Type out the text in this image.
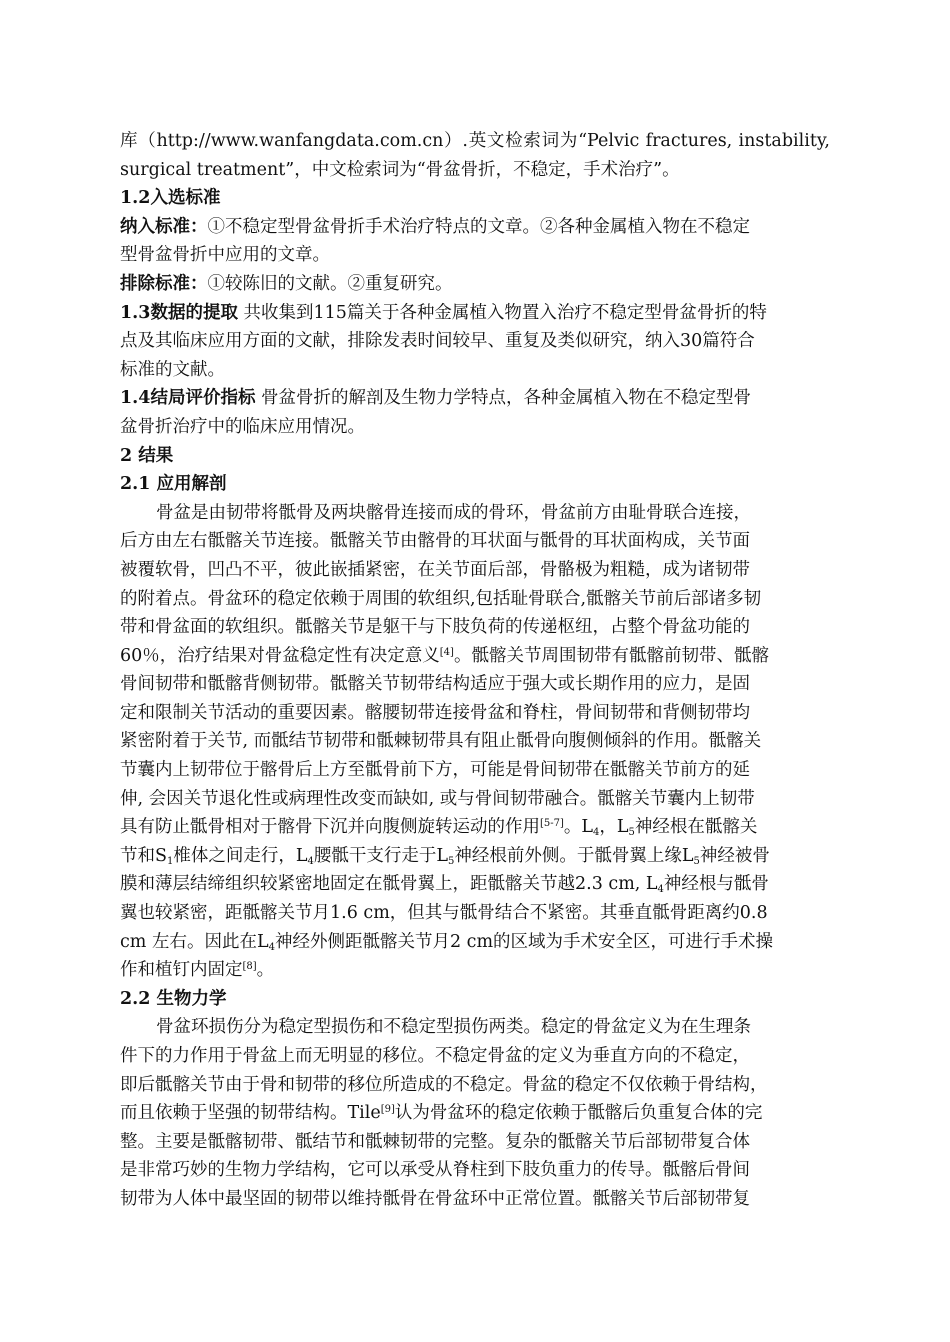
库（http://www.wanfangdata.com.cn）.英文检索词为“Pelvic fractures, instability,
surgical treatment”，中文检索词为“骨盆骨折，不稳定，手术治疗”。
1.2入选标准
纳入标准：①不稳定型骨盆骨折手术治疗特点的文章。②各种金属植入物在不稳定
型骨盆骨折中应用的文章。
排除标准：①较陈旧的文献。②重复研究。
1.3数据的提取 共收集到115篇关于各种金属植入物置入治疗不稳定型骨盆骨折的特
点及其临床应用方面的文献，排除发表时间较早、重复及类似研究，纳入30篇符合
标准的文献。
1.4结局评价指标 骨盆骨折的解剖及生物力学特点，各种金属植入物在不稳定型骨
盆骨折治疗中的临床应用情况。
2 结果
2.1 应用解剖
骨盆是由韧带将骶骨及两块髂骨连接而成的骨环，骨盆前方由耻骨联合连接，
后方由左右骶髂关节连接。骶髂关节由髂骨的耳状面与骶骨的耳状面构成，关节面
被覆软骨，凹凸不平，彼此嵌插紧密，在关节面后部，骨骼极为粗糙，成为诸韧带
的附着点。骨盆环的稳定依赖于周围的软组织,包括耻骨联合,骶髂关节前后部诸多韧
带和骨盆面的软组织。骶髂关节是躯干与下肢负荷的传递枢纽，占整个骨盆功能的
60％，治疗结果对骨盆稳定性有决定意义[4]。骶髂关节周围韧带有骶髂前韧带、骶髂
骨间韧带和骶髂背侧韧带。骶髂关节韧带结构适应于强大或长期作用的应力，是固
定和限制关节活动的重要因素。髂腰韧带连接骨盆和脊柱，骨间韧带和背侧韧带均
紧密附着于关节, 而骶结节韧带和骶棘韧带具有阻止骶骨向腹侧倾斜的作用。骶髂关
节囊内上韧带位于髂骨后上方至骶骨前下方，可能是骨间韧带在骶髂关节前方的延
伸, 会因关节退化性或病理性改变而缺如, 或与骨间韧带融合。骶髂关节囊内上韧带
具有防止骶骨相对于髂骨下沉并向腹侧旋转运动的作用[5-7]。$L_4$，$L_5$神经根在骶髂关
节和$S_1$椎体之间走行，$L_4$腰骶干支行走于$L_5$神经根前外侧。于骶骨翼上缘$L_5$神经被骨
膜和薄层结缔组织较紧密地固定在骶骨翼上，距骶髂关节越2.3 cm, $L_4$神经根与骶骨
翼也较紧密，距骶髂关节月1.6 cm，但其与骶骨结合不紧密。其垂直骶骨距离约0.8
cm 左右。因此在$L_4$神经外侧距骶髂关节月2 cm的区域为手术安全区，可进行手术操
作和植钉内固定[8]。
2.2 生物力学
骨盆环损伤分为稳定型损伤和不稳定型损伤两类。稳定的骨盆定义为在生理条
件下的力作用于骨盆上而无明显的移位。不稳定骨盆的定义为垂直方向的不稳定，
即后骶髂关节由于骨和韧带的移位所造成的不稳定。骨盆的稳定不仅依赖于骨结构，
而且依赖于坚强的韧带结构。Tile[9]认为骨盆环的稳定依赖于骶髂后负重复合体的完
整。主要是骶髂韧带、骶结节和骶棘韧带的完整。复杂的骶髂关节后部韧带复合体
是非常巧妙的生物力学结构，它可以承受从脊柱到下肢负重力的传导。骶髂后骨间
韧带为人体中最坚固的韧带以维持骶骨在骨盆环中正常位置。骶髂关节后部韧带复
